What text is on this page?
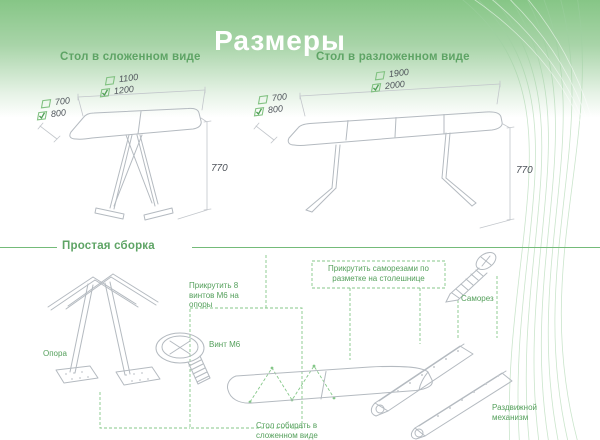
Размеры
Стол в сложенном виде
1100
1200
700
800
770
Стол в разложенном виде
1900
2000
700
800
770
Простая сборка
Прикрутить 8 винтов М6 на опоры
Прикрутить саморезами по разметке на столешнице
Саморез
Опора
Винт М6
Стол собирать в сложенном виде
Раздвижной механизм
